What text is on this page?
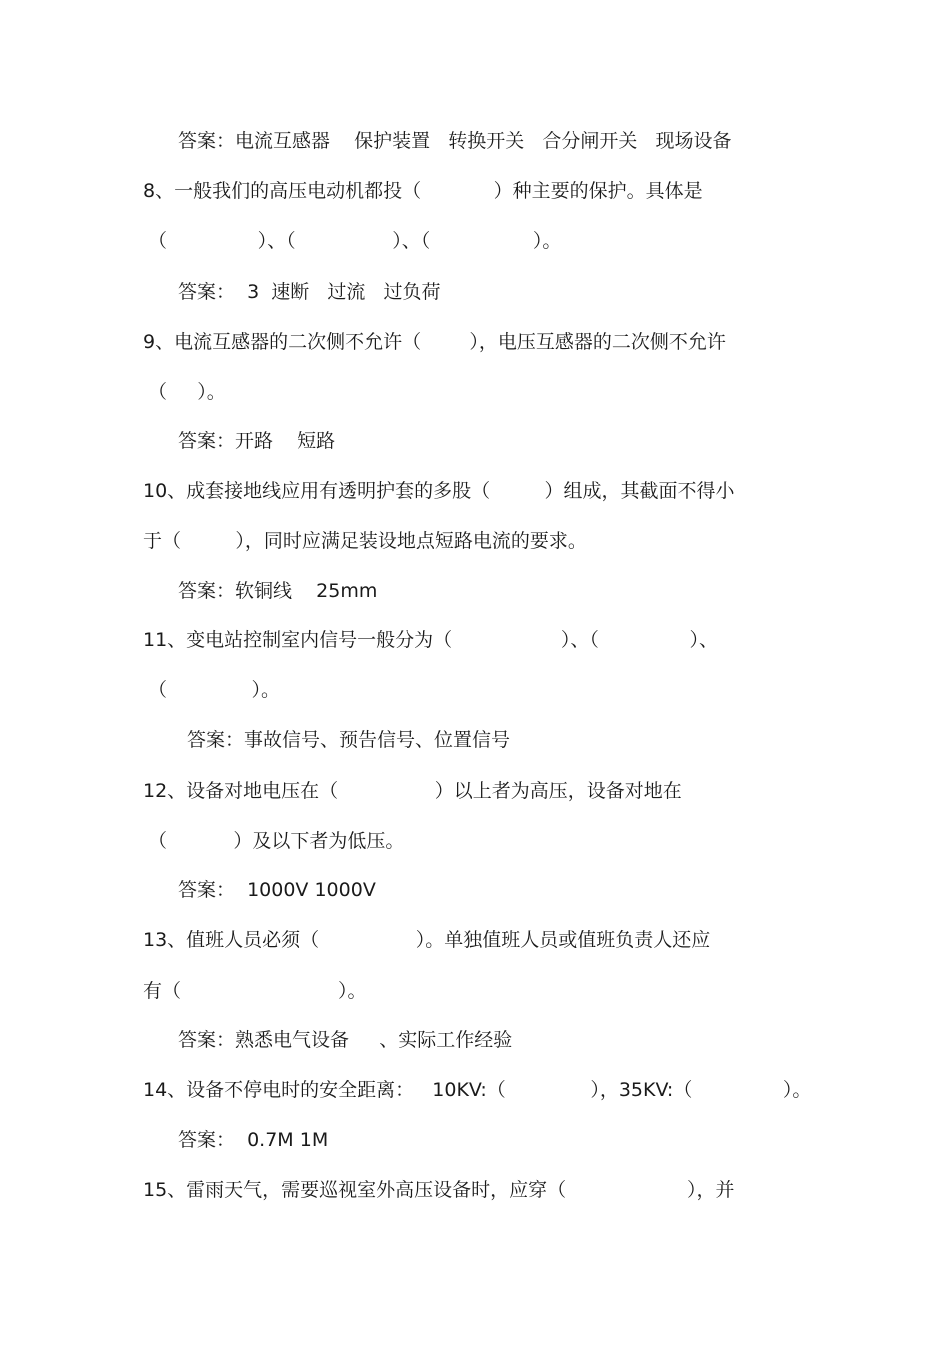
答案：电流互感器    保护装置   转换开关   合分闸开关   现场设备
8、一般我们的高压电动机都投（            ）种主要的保护。具体是
（               ）、（                ）、（                 ）。
答案：  3  速断   过流   过负荷
9、电流互感器的二次侧不允许（        ），电压互感器的二次侧不允许
（     ）。
答案：开路    短路
10、成套接地线应用有透明护套的多股（         ）组成，其截面不得小
于（         ），同时应满足装设地点短路电流的要求。
答案：软铜线    25mm
11、变电站控制室内信号一般分为（                  ）、（               ）、
（              ）。
答案：事故信号、预告信号、位置信号
12、设备对地电压在（                ）以上者为高压，设备对地在
（           ）及以下者为低压。
答案：  1000V 1000V
13、值班人员必须（                ）。单独值班人员或值班负责人还应
有（                          ）。
答案：熟悉电气设备     、实际工作经验
14、设备不停电时的安全距离：   10KV:（              ），35KV:（               ）。
答案：  0.7M 1M
15、雷雨天气，需要巡视室外高压设备时，应穿（                    ），并
